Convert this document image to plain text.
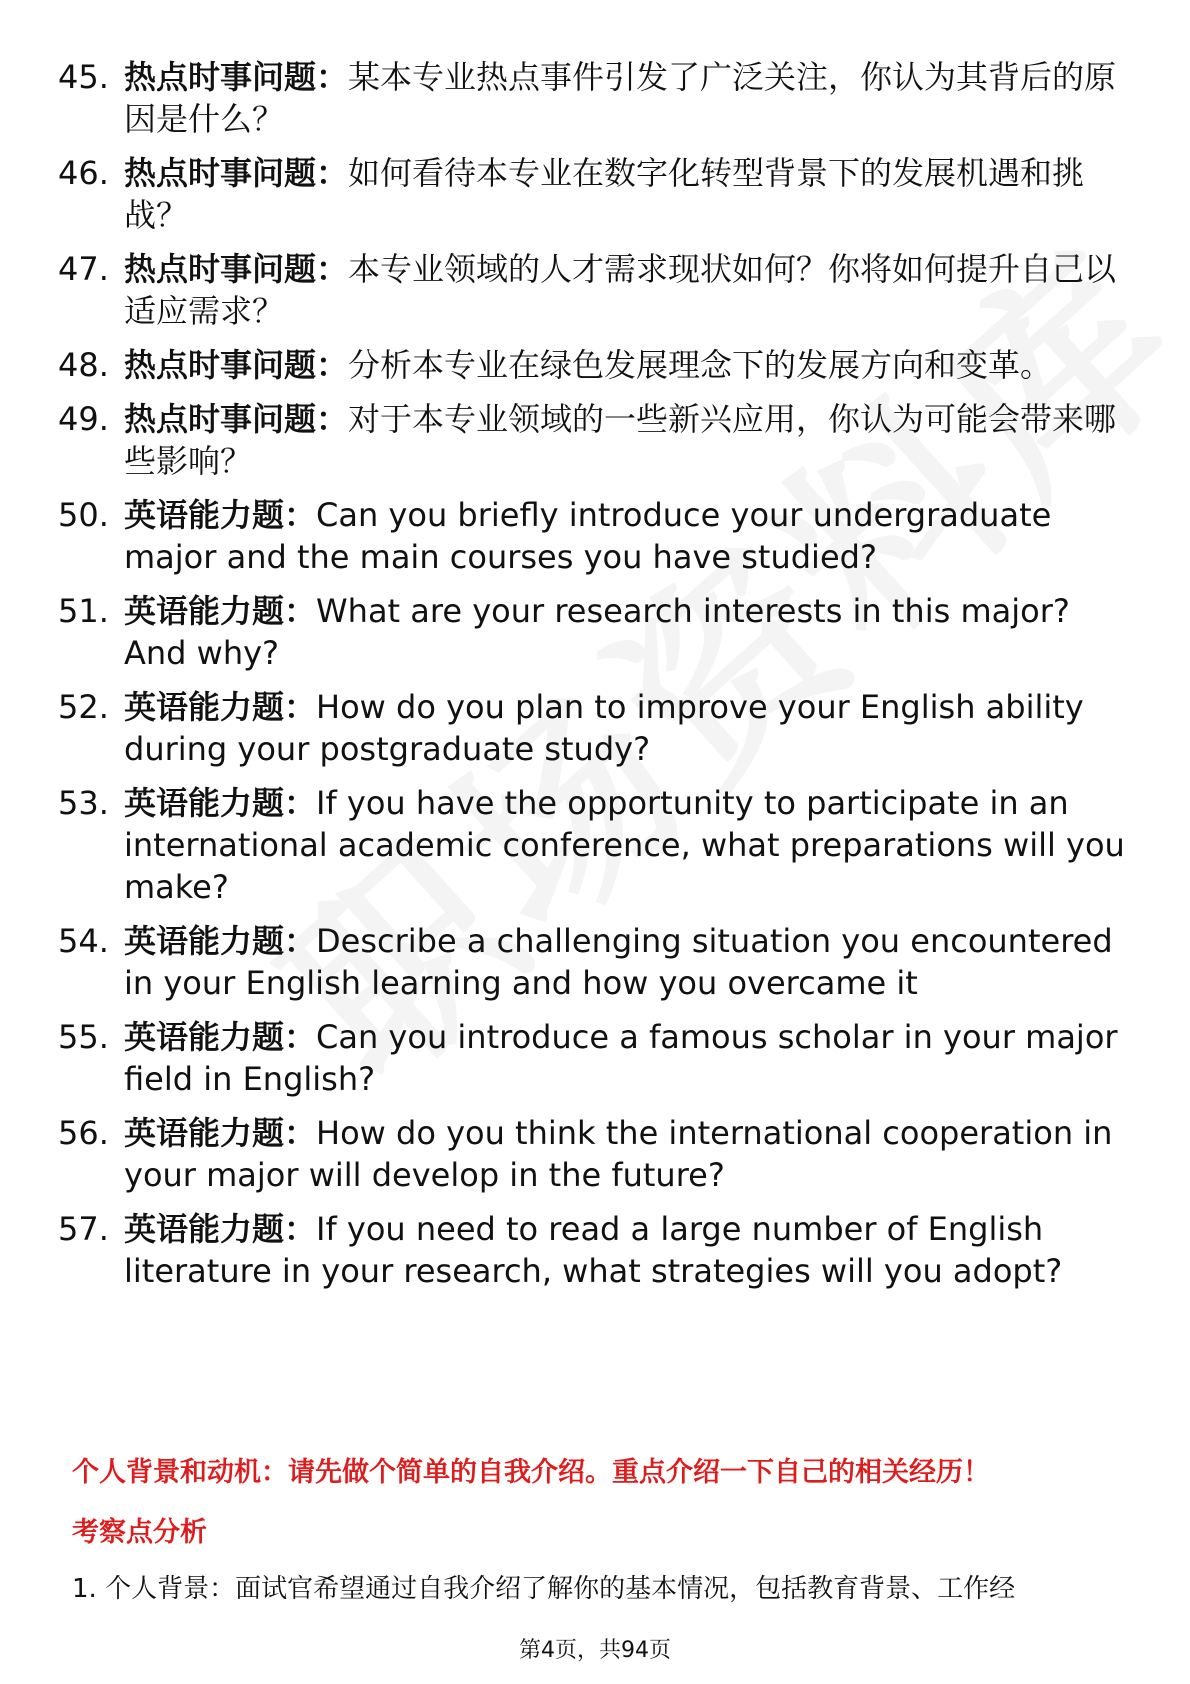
45. 热点时事问题：某本专业热点事件引发了广泛关注，你认为其背后的原因是什么？
46. 热点时事问题：如何看待本专业在数字化转型背景下的发展机遇和挑战？
47. 热点时事问题：本专业领域的人才需求现状如何？你将如何提升自己以适应需求？
48. 热点时事问题：分析本专业在绿色发展理念下的发展方向和变革。
49. 热点时事问题：对于本专业领域的一些新兴应用，你认为可能会带来哪些影响？
50. 英语能力题：Can you briefly introduce your undergraduate major and the main courses you have studied?
51. 英语能力题：What are your research interests in this major? And why?
52. 英语能力题：How do you plan to improve your English ability during your postgraduate study?
53. 英语能力题：If you have the opportunity to participate in an international academic conference, what preparations will you make?
54. 英语能力题：Describe a challenging situation you encountered in your English learning and how you overcame it
55. 英语能力题：Can you introduce a famous scholar in your major field in English?
56. 英语能力题：How do you think the international cooperation in your major will develop in the future?
57. 英语能力题：If you need to read a large number of English literature in your research, what strategies will you adopt?
个人背景和动机：请先做个简单的自我介绍。重点介绍一下自己的相关经历！
考察点分析
1. 个人背景：面试官希望通过自我介绍了解你的基本情况，包括教育背景、工作经
第4页，共94页
